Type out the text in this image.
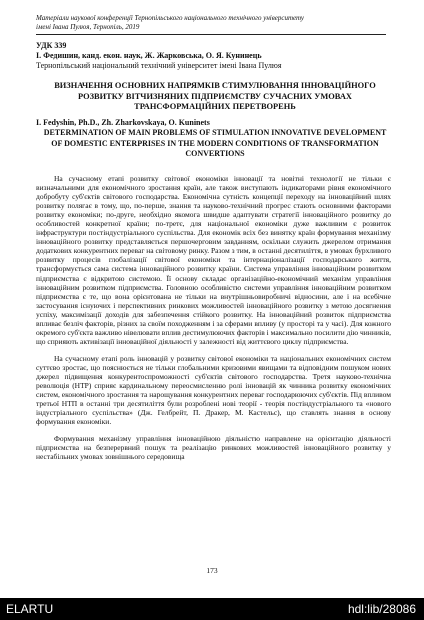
Матеріали наукової конференції Тернопільського національного технічного університету
імені Івана Пулюя, Тернопіль, 2019
УДК 339
І. Федишин, канд. екон. наук, Ж. Жарковська, О. Я. Кунинець
Тернопільський національний технічний університет імені Івана Пулюя
ВИЗНАЧЕННЯ ОСНОВНИХ НАПРЯМКІВ СТИМУЛЮВАННЯ ІННОВАЦІЙНОГО РОЗВИТКУ ВІТЧИЗНЯНИХ ПІДПРИЄМСТВУ СУЧАСНИХ УМОВАХ ТРАНСФОРМАЦІЙНИХ ПЕРЕТВОРЕНЬ
I. Fedyshin, Ph.D., Zh. Zharkovskaya, O. Kuninets
DETERMINATION OF MAIN PROBLEMS OF STIMULATION INNOVATIVE DEVELOPMENT OF DOMESTIC ENTERPRISES IN THE MODERN CONDITIONS OF TRANSFORMATION CONVERTIONS

На сучасному етапі розвитку світової економіки інновації та новітні технології не тільки є визначальними для економічного зростання країн, але також виступають індикаторами рівня економічного добробуту суб'єктів світового господарства. Економічна сутність концепції переходу на інноваційний шлях розвитку полягає в тому, що, по-перше, знання та науково-технічний прогрес стають основними факторами розвитку економіки; по-друге, необхідно якомога швидше адаптувати стратегії інноваційного розвитку до особливостей конкретної країни; по-третє, для національної економіки дуже важливим є розвиток інфраструктури постіндустріального суспільства. Для економік всіх без винятку країн формування механізму інноваційного розвитку представляється першочерговим завданням, оскільки служить джерелом отримання додаткових конкурентних переваг на світовому ринку. Разом з тим, в останні десятиліття, в умовах бурхливого розвитку процесів глобалізації світової економіки та інтернаціоналізації господарського життя, трансформується сама система інноваційного розвитку країни. Система управління інноваційним розвитком підприємства є відкритою системою. Її основу складає організаційно-економічний механізм управління інноваційним розвитком підприємства. Головною особливістю системи управління інноваційним розвитком підприємства є те, що вона орієнтована не тільки на внутрішньовиробничі відносини, але і на всебічне застосування існуючих і перспективних ринкових можливостей інноваційного розвитку з метою досягнення успіху, максимізації доходів для забезпечення стійкого розвитку. На інноваційний розвиток підприємства впливає безліч факторів, різних за своїм походженням і за сферами впливу (у просторі та у часі). Для кожного окремого суб'єкта важливо нівелювати вплив дестимулюючих факторів і максимально посилити дію чинників, що сприяють активізації інноваційної діяльності у залежності від життєвого циклу підприємства.

На сучасному етапі роль інновацій у розвитку світової економіки та національних економічних систем суттєво зростає, що пояснюється не тільки глобальними кризовими явищами та відповідним пошуком нових джерел підвищення конкурентоспроможності суб'єктів світового господарства. Третя науково-технічна революція (НТР) сприяє кардинальному переосмисленню ролі інновацій як чинника розвитку економічних систем, економічного зростання та нарощування конкурентних переваг господарюючих суб'єктів. Під впливом третьої НТП в останні три десятиліття були розроблені нові теорії - теорія постіндустріального та «нового індустріального суспільства» (Дж. Гелбрейт, П. Дракер, М. Кастельс), що ставлять знання в основу формування економіки.

Формування механізму управління інноваційною діяльністю направлене на орієнтацію діяльності підприємства на безперервний пошук та реалізацію ринкових можливостей інноваційного розвитку у нестабільних умовах зовнішнього середовища

173
ELARTU	hdl:lib/28086
